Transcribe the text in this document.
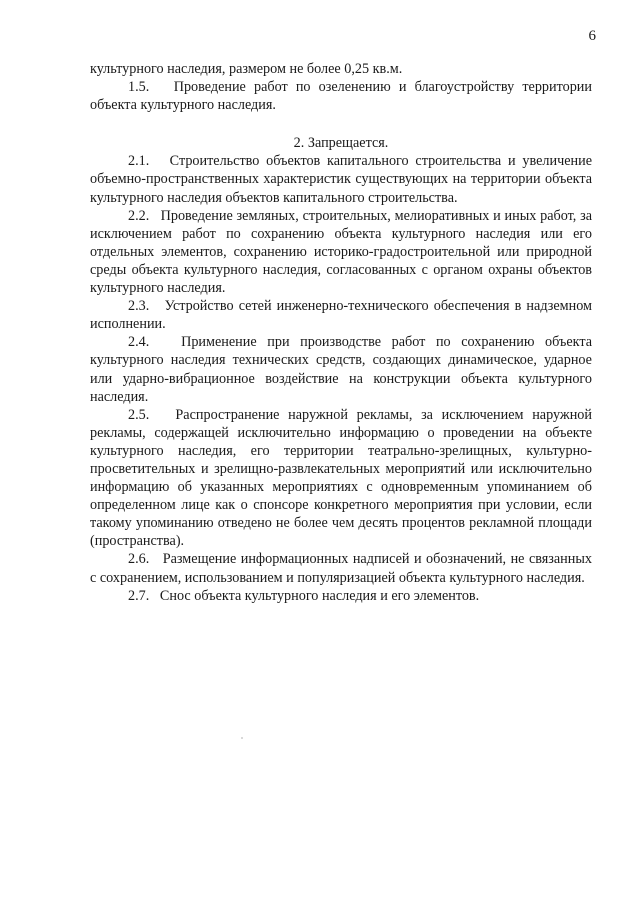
6

культурного наследия, размером не более 0,25 кв.м.

1.5.   Проведение работ по озеленению и благоустройству территории объекта культурного наследия.

2. Запрещается.

2.1.   Строительство объектов капитального строительства и увеличение объемно-пространственных характеристик существующих на территории объекта культурного наследия объектов капитального строительства.

2.2.   Проведение земляных, строительных, мелиоративных и иных работ, за исключением работ по сохранению объекта культурного наследия или его отдельных элементов, сохранению историко-градостроительной или природной среды объекта культурного наследия, согласованных с органом охраны объектов культурного наследия.

2.3.   Устройство сетей инженерно-технического обеспечения в надземном исполнении.

2.4.   Применение при производстве работ по сохранению объекта культурного наследия технических средств, создающих динамическое, ударное или ударно-вибрационное воздействие на конструкции объекта культурного наследия.

2.5.   Распространение наружной рекламы, за исключением наружной рекламы, содержащей исключительно информацию о проведении на объекте культурного наследия, его территории театрально-зрелищных, культурно-просветительных и зрелищно-развлекательных мероприятий или исключительно информацию об указанных мероприятиях с одновременным упоминанием об определенном лице как о спонсоре конкретного мероприятия при условии, если такому упоминанию отведено не более чем десять процентов рекламной площади (пространства).

2.6.   Размещение информационных надписей и обозначений, не связанных с сохранением, использованием и популяризацией объекта культурного наследия.

2.7.   Снос объекта культурного наследия и его элементов.
